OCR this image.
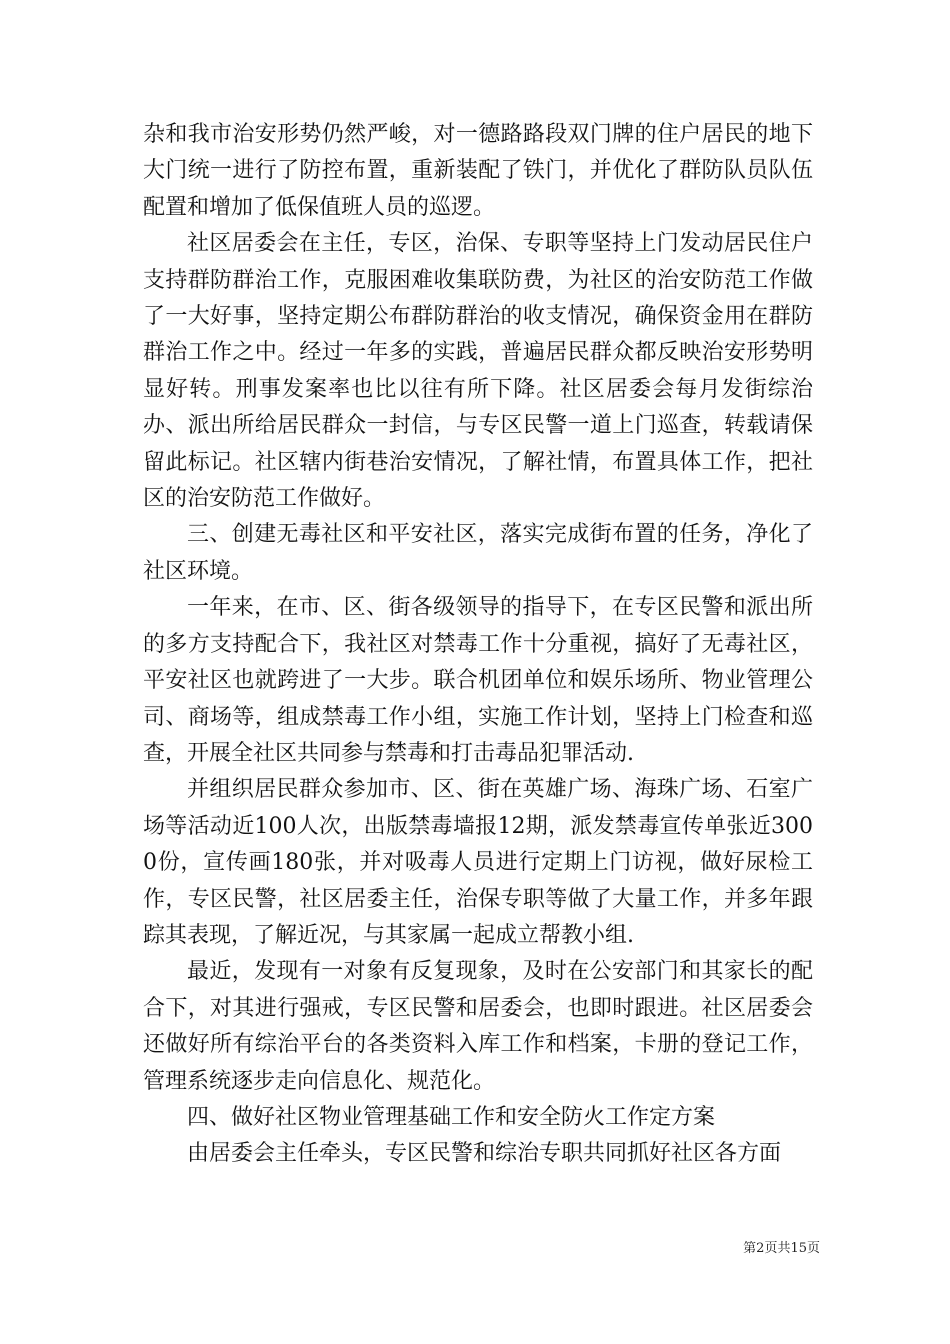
杂和我市治安形势仍然严峻，对一德路路段双门牌的住户居民的地下大门统一进行了防控布置，重新装配了铁门，并优化了群防队员队伍配置和增加了低保值班人员的巡逻。

社区居委会在主任，专区，治保、专职等坚持上门发动居民住户支持群防群治工作，克服困难收集联防费，为社区的治安防范工作做了一大好事，坚持定期公布群防群治的收支情况，确保资金用在群防群治工作之中。经过一年多的实践，普遍居民群众都反映治安形势明显好转。刑事发案率也比以往有所下降。社区居委会每月发街综治办、派出所给居民群众一封信，与专区民警一道上门巡查，转载请保留此标记。社区辖内街巷治安情况，了解社情，布置具体工作，把社区的治安防范工作做好。

三、创建无毒社区和平安社区，落实完成街布置的任务，净化了社区环境。

一年来，在市、区、街各级领导的指导下，在专区民警和派出所的多方支持配合下，我社区对禁毒工作十分重视，搞好了无毒社区，平安社区也就跨进了一大步。联合机团单位和娱乐场所、物业管理公司、商场等，组成禁毒工作小组，实施工作计划，坚持上门检查和巡查，开展全社区共同参与禁毒和打击毒品犯罪活动.

并组织居民群众参加市、区、街在英雄广场、海珠广场、石室广场等活动近100人次，出版禁毒墙报12期，派发禁毒宣传单张近3000份，宣传画180张，并对吸毒人员进行定期上门访视，做好尿检工作，专区民警，社区居委主任，治保专职等做了大量工作，并多年跟踪其表现，了解近况，与其家属一起成立帮教小组.

最近，发现有一对象有反复现象，及时在公安部门和其家长的配合下，对其进行强戒，专区民警和居委会，也即时跟进。社区居委会还做好所有综治平台的各类资料入库工作和档案，卡册的登记工作，管理系统逐步走向信息化、规范化。

四、做好社区物业管理基础工作和安全防火工作定方案

由居委会主任牵头，专区民警和综治专职共同抓好社区各方面

第2页共15页
